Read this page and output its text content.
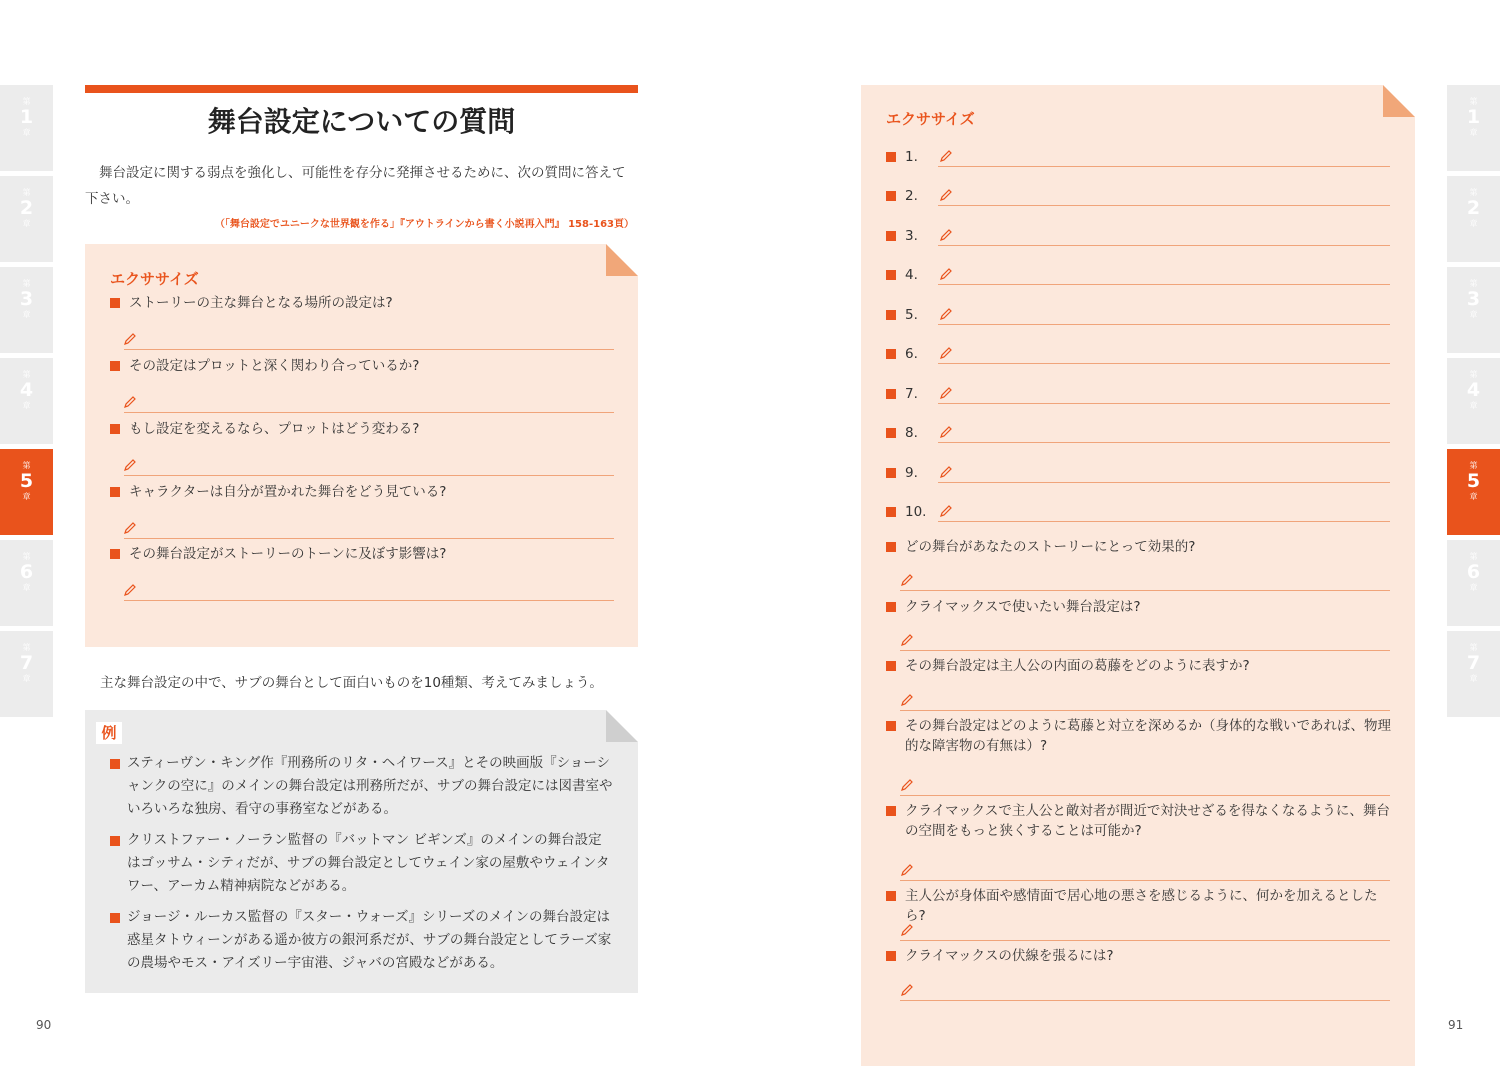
第
1
章
第
2
章
第
3
章
第
4
章
第
5
章
第
6
章
第
7
章
第
1
章
第
2
章
第
3
章
第
4
章
第
5
章
第
6
章
第
7
章
舞台設定についての質問
舞台設定に関する弱点を強化し、可能性を存分に発揮させるために、次の質問に答えて下さい。
（「舞台設定でユニークな世界観を作る」『アウトラインから書く小説再入門』 158-163頁）
エクササイズ
ストーリーの主な舞台となる場所の設定は?
その設定はプロットと深く関わり合っているか?
もし設定を変えるなら、プロットはどう変わる?
キャラクターは自分が置かれた舞台をどう見ている?
その舞台設定がストーリーのトーンに及ぼす影響は?
主な舞台設定の中で、サブの舞台として面白いものを10種類、考えてみましょう。
例
スティーヴン・キング作『刑務所のリタ・ヘイワース』とその映画版『ショーシャンクの空に』のメインの舞台設定は刑務所だが、サブの舞台設定には図書室やいろいろな独房、看守の事務室などがある。
クリストファー・ノーラン監督の『バットマン ビギンズ』のメインの舞台設定はゴッサム・シティだが、サブの舞台設定としてウェイン家の屋敷やウェインタワー、アーカム精神病院などがある。
ジョージ・ルーカス監督の『スター・ウォーズ』シリーズのメインの舞台設定は惑星タトウィーンがある遥か彼方の銀河系だが、サブの舞台設定としてラーズ家の農場やモス・アイズリー宇宙港、ジャバの宮殿などがある。
90
エクササイズ
1.
2.
3.
4.
5.
6.
7.
8.
9.
10.
どの舞台があなたのストーリーにとって効果的?
クライマックスで使いたい舞台設定は?
その舞台設定は主人公の内面の葛藤をどのように表すか?
その舞台設定はどのように葛藤と対立を深めるか（身体的な戦いであれば、物理的な障害物の有無は）?
クライマックスで主人公と敵対者が間近で対決せざるを得なくなるように、舞台の空間をもっと狭くすることは可能か?
主人公が身体面や感情面で居心地の悪さを感じるように、何かを加えるとしたら?
クライマックスの伏線を張るには?
91
